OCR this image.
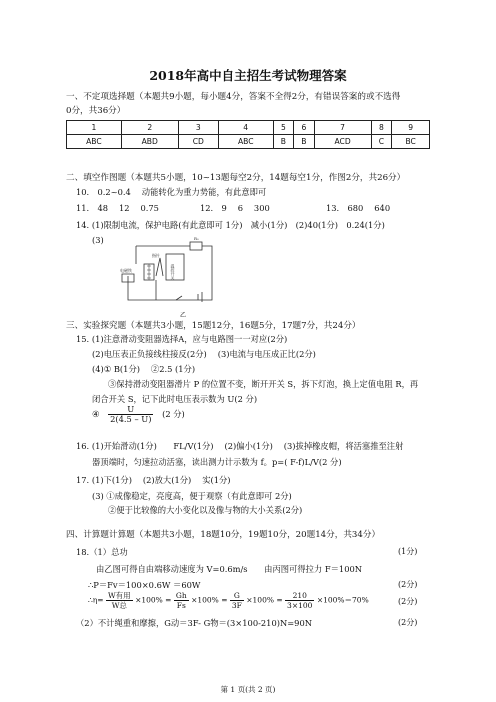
2018年高中自主招生考试物理答案
一、不定项选择题（本题共9小题，每小题4分，答案不全得2分，有错误答案的或不选得
0分，共36分）
1	2	3	4	5	6	7	8	9
ABC	ABD	CD	ABC	B	B	ACD	C	BC
二、填空作图题（本题共5小题，10~13题每空2分，14题每空1分，作图2分，共26分）
10.　0.2~0.4　 动能转化为重力势能，有此意即可
11.　48　 12　 0.75	12.　9　 6　 300	13.　680　 640
14. (1)限制电流，保护电路(有此意即可 1分)　减小(1分)　(2)40(1分)　0.24(1分)
(3)	R₀
温控开关
指针
电磁铁
乙
三、实验探究题（本题共3小题，15题12分，16题5分，17题7分，共24分）
15. (1)注意滑动变阻器选择A，应与电路图一一对应(2分)
(2)电压表正负接线柱接反(2分)　 (3)电流与电压成正比(2分)
(4)① B(1分)　 ②2.5 (1分)
③保持滑动变阻器滑片 P 的位置不变，断开开关 S，拆下灯泡，换上定值电阻 R，再
闭合开关 S，记下此时电压表示数为 U(2 分)
④ $\frac{U}{2(4.5 - U)} (2$ 分)
16. (1)开始滑动(1分)　　FL/V(1分)　 (2)偏小(1分)　 (3)拔掉橡皮帽，将活塞推至注射
器顶端时，匀速拉动活塞，读出测力计示数为 f。p=( F-f)L/V(2 分)
17. (1)下(1分)　 (2)放大(1分)　 实(1分)
(3) ①成像稳定，亮度高，便于观察（有此意即可 2分)
②便于比较像的大小变化以及像与物的大小关系(2分)
四、计算题计算题（本题共3小题，18题10分，19题10分，20题14分，共34分）
18.（1）总功	(1分)
由乙图可得自由端移动速度为 V=0.6m/s　　由丙图可得拉力 F＝100N
∴P＝Fv＝100×0.6W ＝60W	(2分)
∴η= $\frac{\text{W有用}}{\text{W总}} \times 100\% = \frac{Gh}{Fs} \times 100\% = \frac{G}{3F} \times 100\% = \frac{210}{3\times 100} \times 100\%=70\%$	(2分)
（2）不计绳重和摩擦，G动＝3F- G物＝(3×100-210)N=90N	(2分)
第 1 页(共 2 页)
